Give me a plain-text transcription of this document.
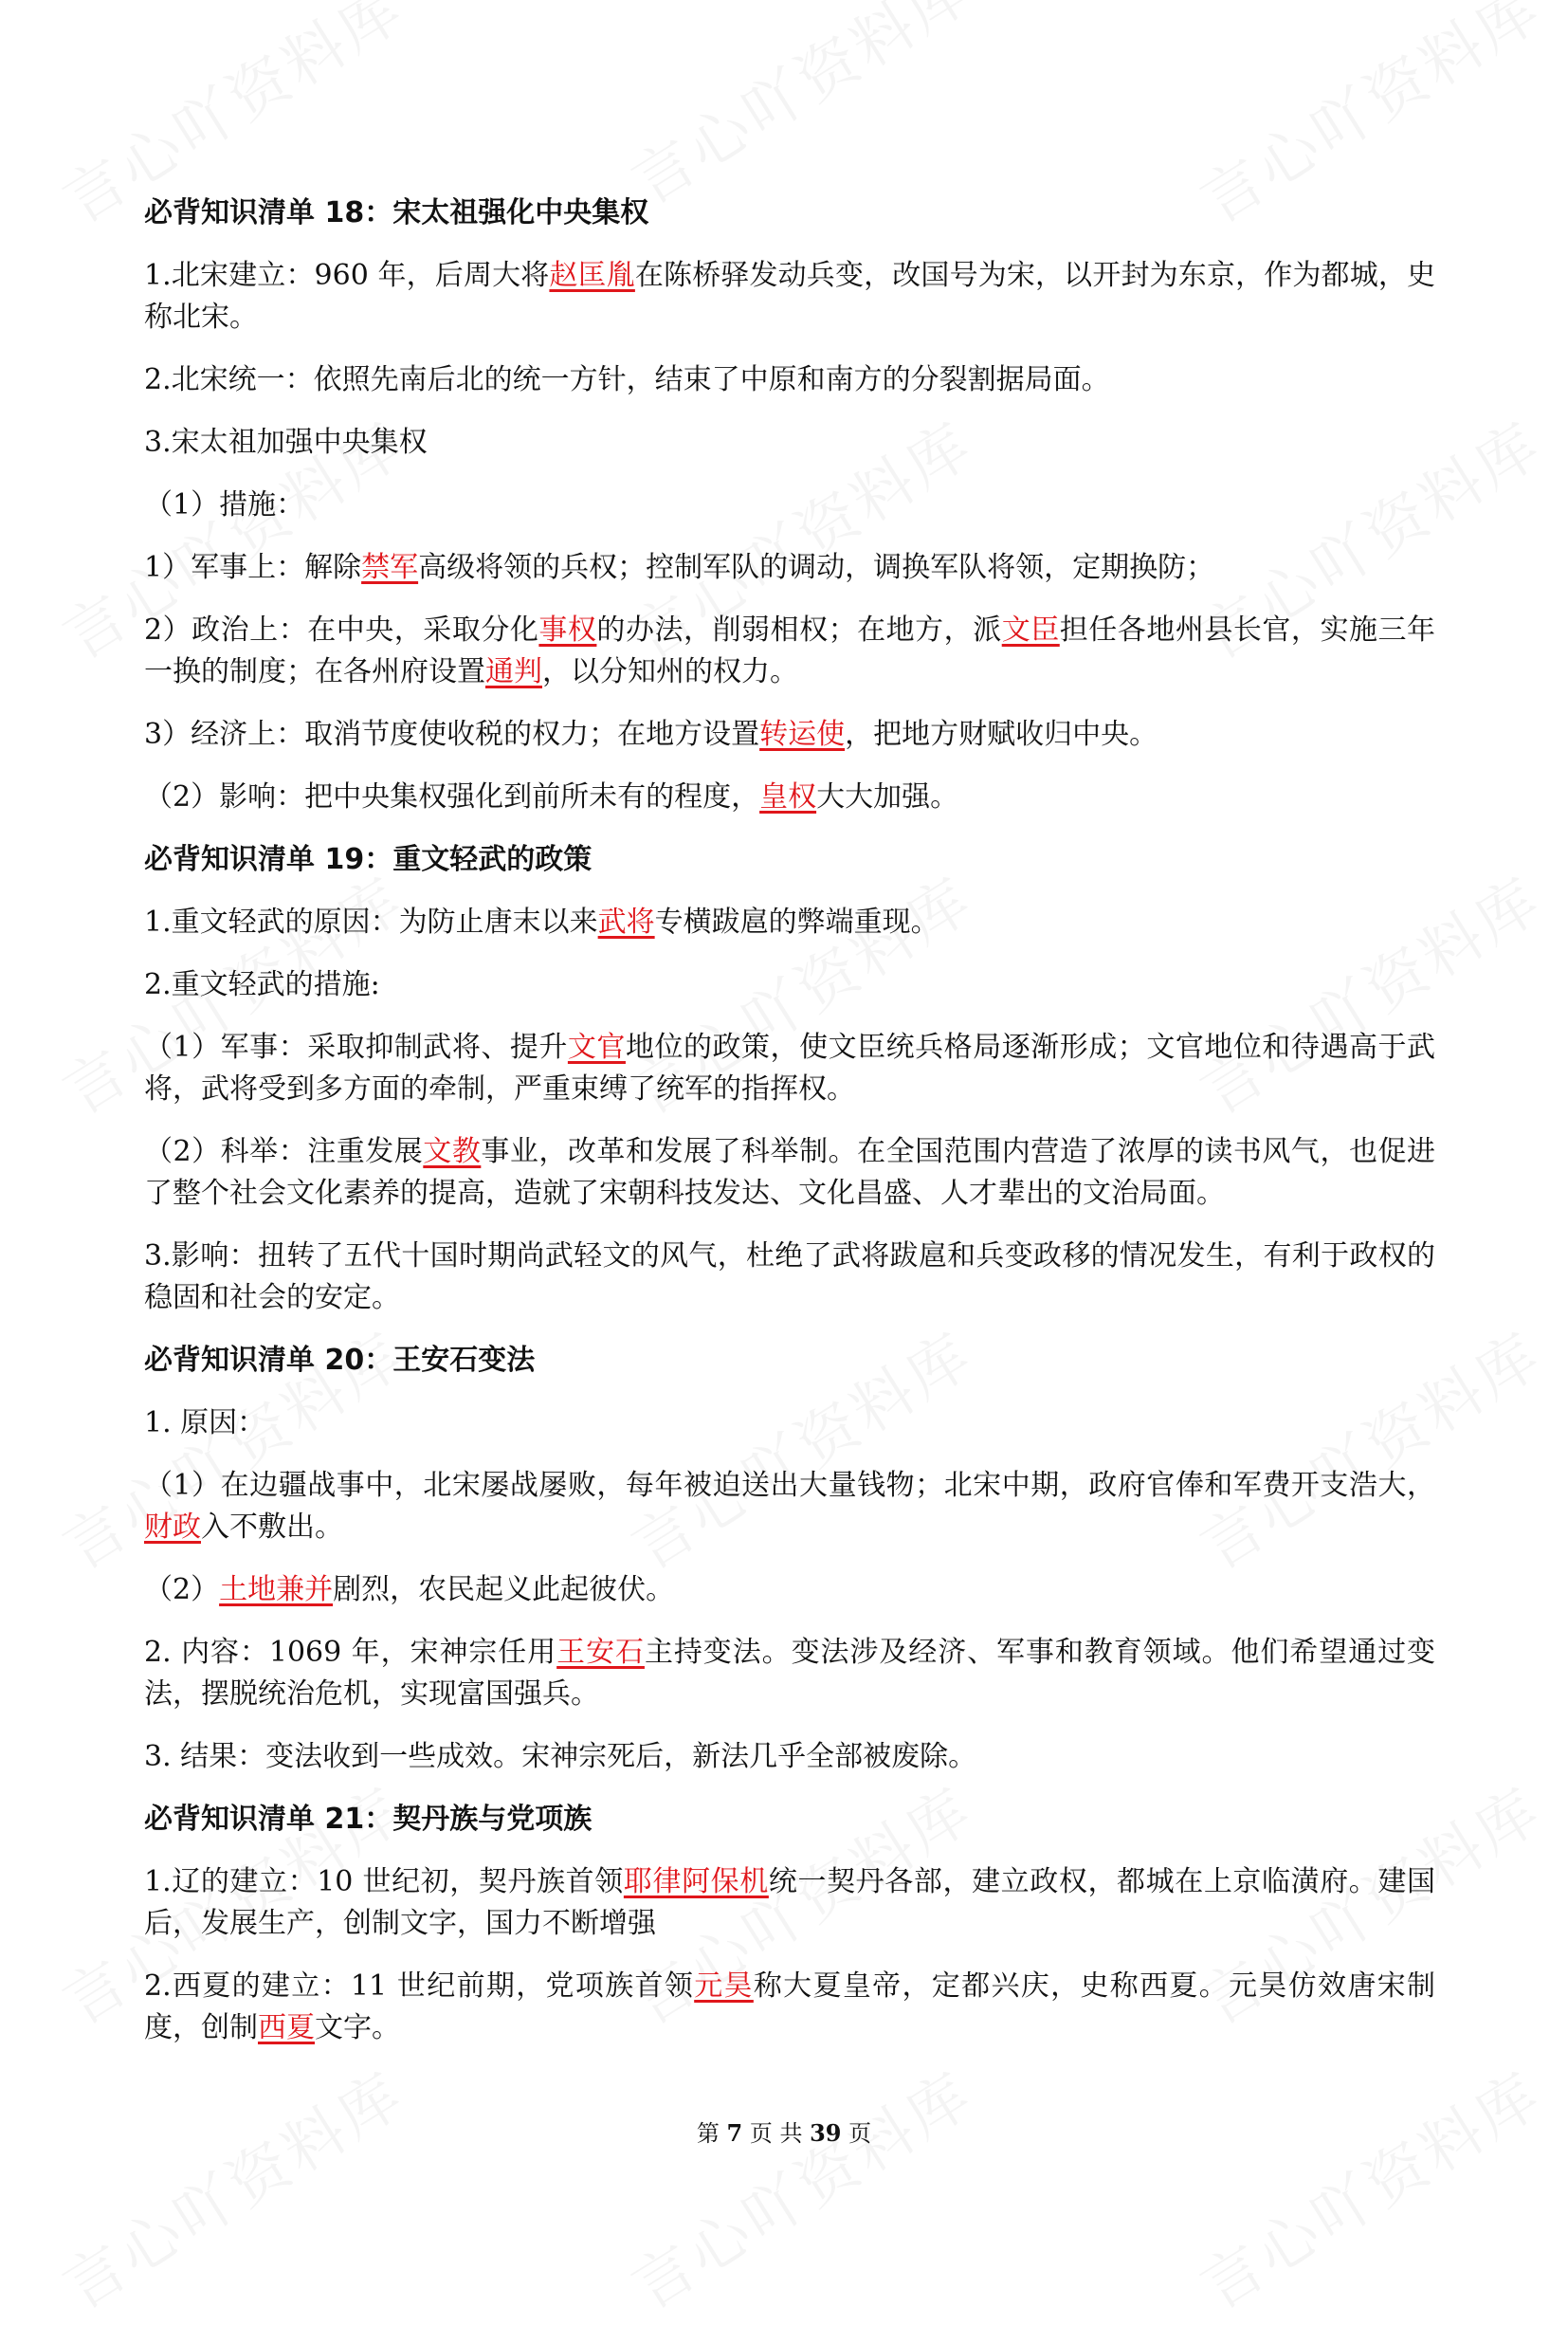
必背知识清单 18：宋太祖强化中央集权
1.北宋建立：960 年，后周大将赵匡胤在陈桥驿发动兵变，改国号为宋，以开封为东京，作为都城，史称北宋。
2.北宋统一：依照先南后北的统一方针，结束了中原和南方的分裂割据局面。
3.宋太祖加强中央集权
（1）措施：
1）军事上：解除禁军高级将领的兵权；控制军队的调动，调换军队将领，定期换防；
2）政治上：在中央，采取分化事权的办法，削弱相权；在地方，派文臣担任各地州县长官，实施三年一换的制度；在各州府设置通判，以分知州的权力。
3）经济上：取消节度使收税的权力；在地方设置转运使，把地方财赋收归中央。
（2）影响：把中央集权强化到前所未有的程度，皇权大大加强。
必背知识清单 19：重文轻武的政策
1.重文轻武的原因：为防止唐末以来武将专横跋扈的弊端重现。
2.重文轻武的措施:
（1）军事：采取抑制武将、提升文官地位的政策，使文臣统兵格局逐渐形成；文官地位和待遇高于武将，武将受到多方面的牵制，严重束缚了统军的指挥权。
（2）科举：注重发展文教事业，改革和发展了科举制。在全国范围内营造了浓厚的读书风气，也促进了整个社会文化素养的提高，造就了宋朝科技发达、文化昌盛、人才辈出的文治局面。
3.影响：扭转了五代十国时期尚武轻文的风气，杜绝了武将跋扈和兵变政移的情况发生，有利于政权的稳固和社会的安定。
必背知识清单 20：王安石变法
1. 原因：
（1）在边疆战事中，北宋屡战屡败，每年被迫送出大量钱物；北宋中期，政府官俸和军费开支浩大，财政入不敷出。
（2）土地兼并剧烈，农民起义此起彼伏。
2. 内容：1069 年，宋神宗任用王安石主持变法。变法涉及经济、军事和教育领域。他们希望通过变法，摆脱统治危机，实现富国强兵。
3. 结果：变法收到一些成效。宋神宗死后，新法几乎全部被废除。
必背知识清单 21：契丹族与党项族
1.辽的建立：10 世纪初，契丹族首领耶律阿保机统一契丹各部，建立政权，都城在上京临潢府。建国后，发展生产，创制文字，国力不断增强
2.西夏的建立：11 世纪前期，党项族首领元昊称大夏皇帝，定都兴庆，史称西夏。元昊仿效唐宋制度，创制西夏文字。
第 7 页 共 39 页
